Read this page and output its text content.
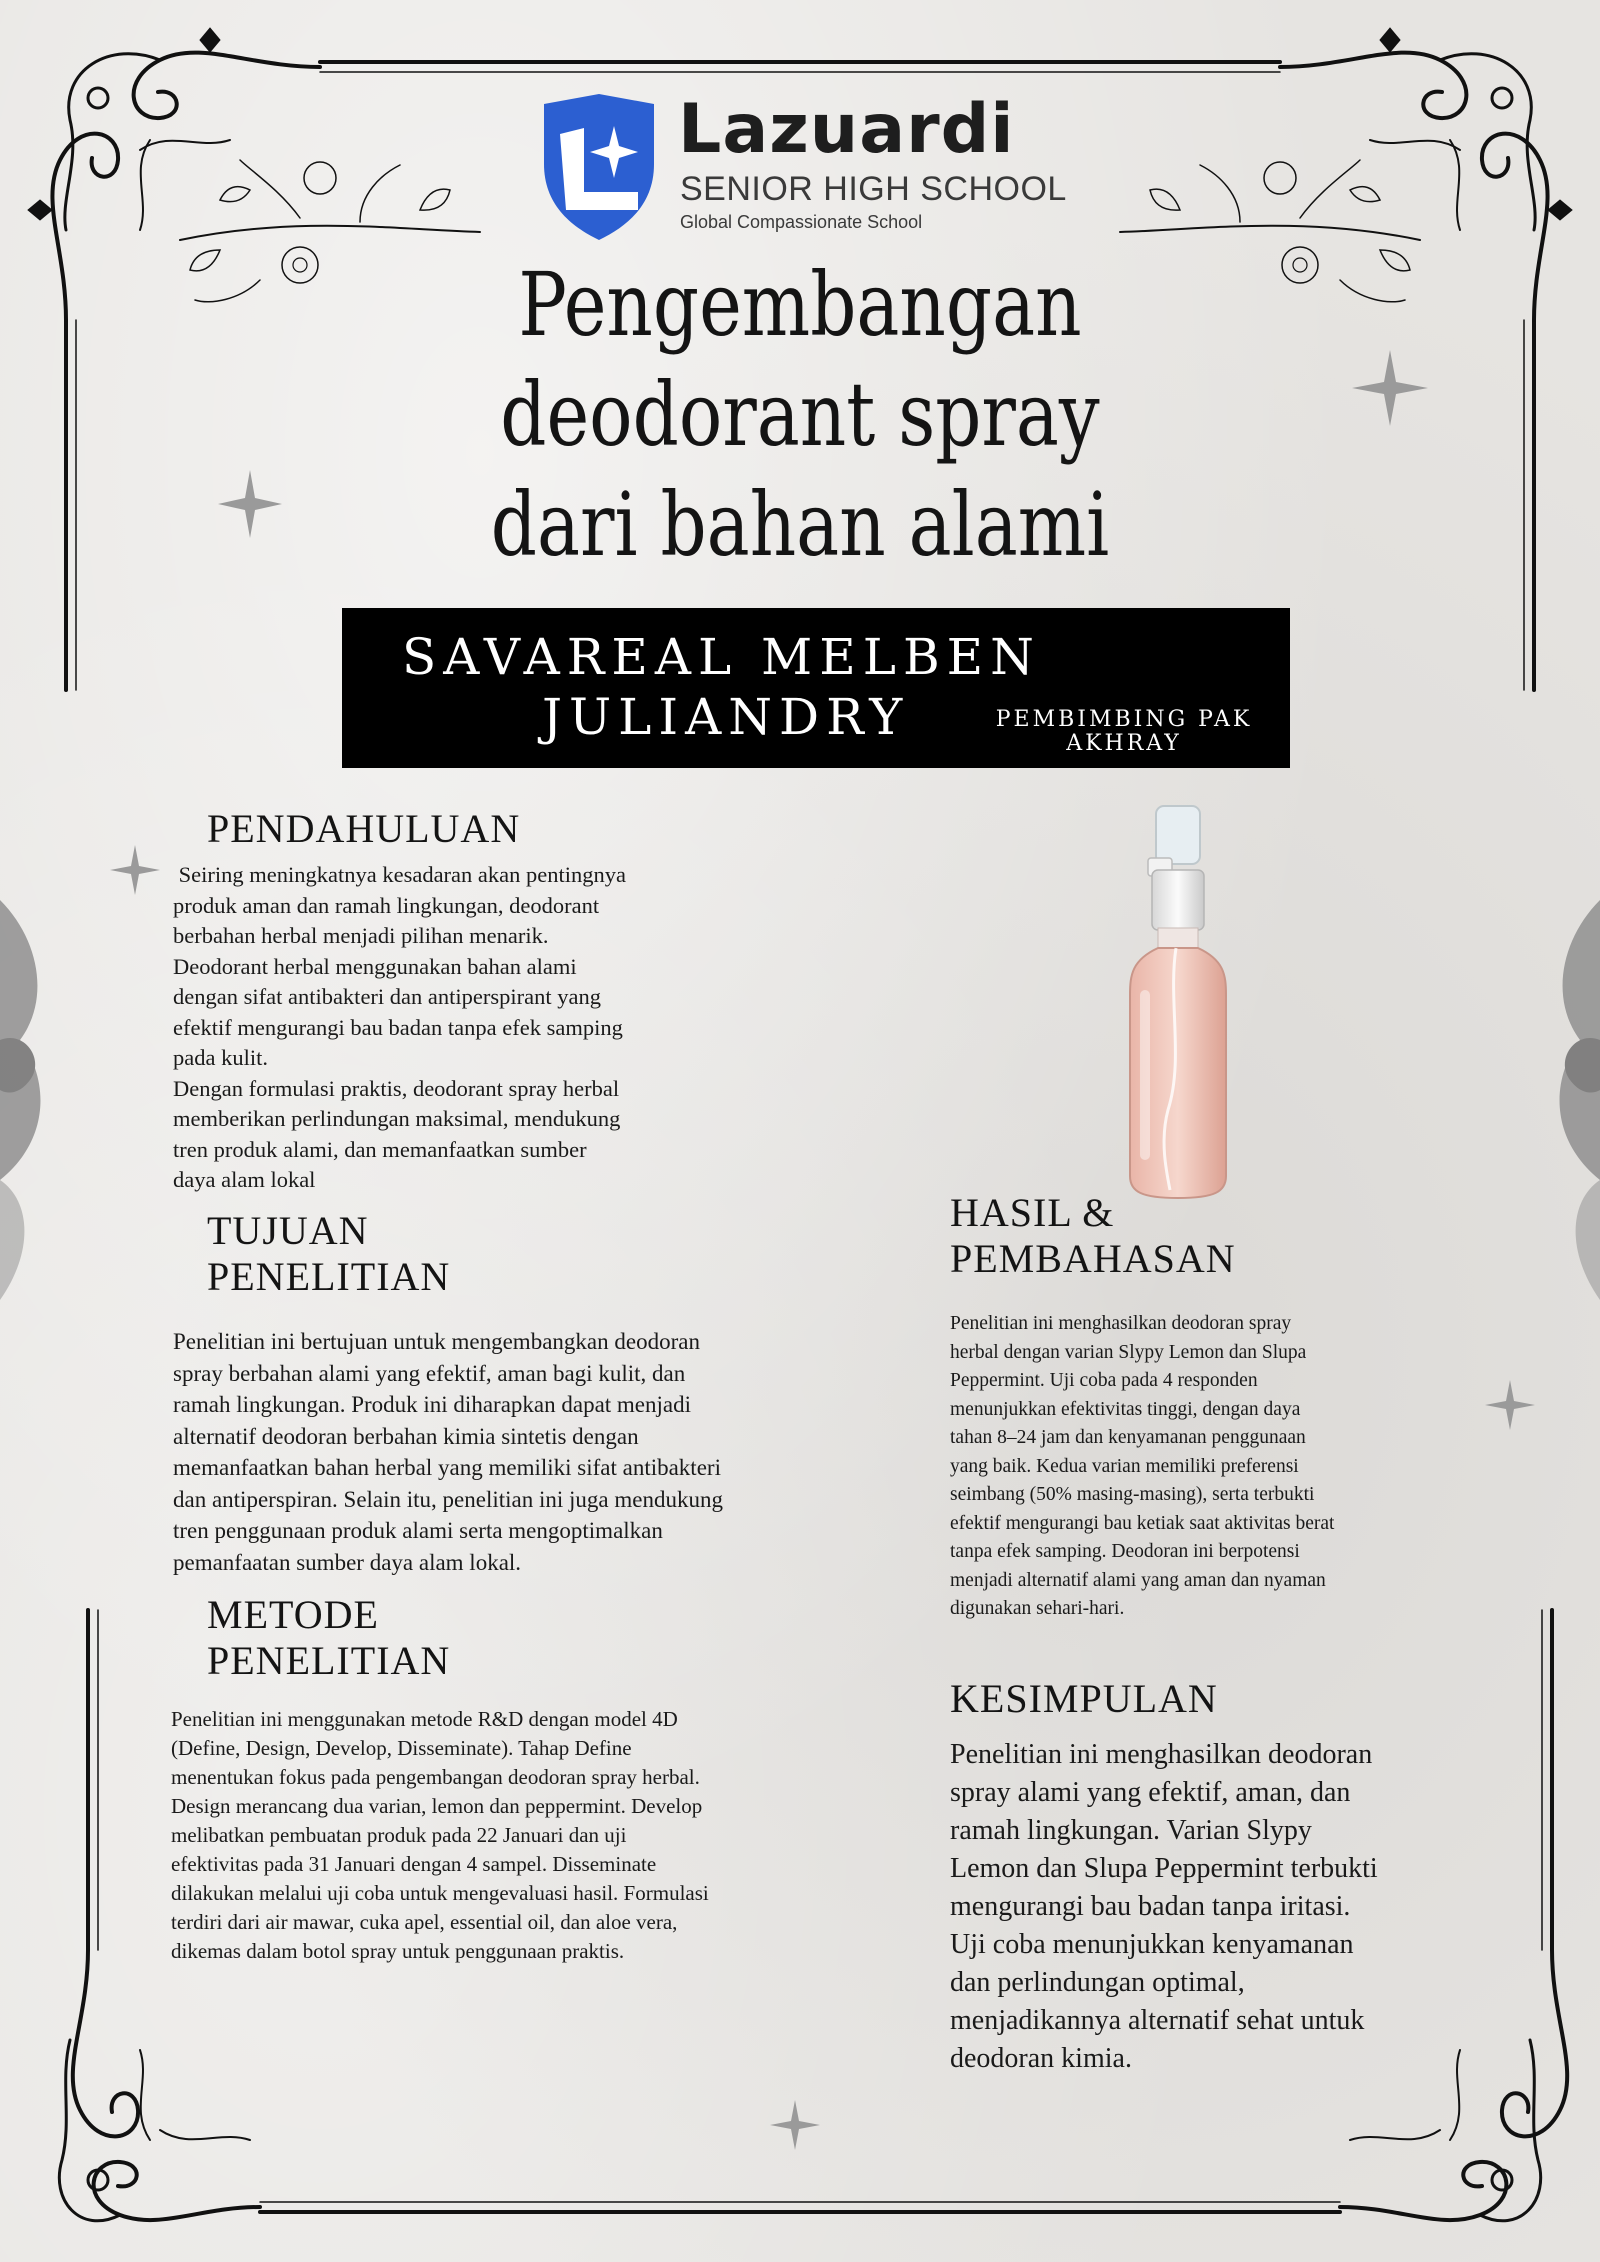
Lazuardi
SENIOR HIGH SCHOOL
Global Compassionate School
Pengembangan
deodorant spray
dari bahan alami
SAVAREAL MELBEN
JULIANDRY	PEMBIMBING PAK
AKHRAY
PENDAHULUAN

Seiring meningkatnya kesadaran akan pentingnya

produk aman dan ramah lingkungan, deodorant

berbahan herbal menjadi pilihan menarik.

Deodorant herbal menggunakan bahan alami

dengan sifat antibakteri dan antiperspirant yang

efektif mengurangi bau badan tanpa efek samping

pada kulit.

Dengan formulasi praktis, deodorant spray herbal

memberikan perlindungan maksimal, mendukung

tren produk alami, dan memanfaatkan sumber

daya alam lokal

TUJUAN
PENELITIAN

Penelitian ini bertujuan untuk mengembangkan deodoran

spray berbahan alami yang efektif, aman bagi kulit, dan

ramah lingkungan. Produk ini diharapkan dapat menjadi

alternatif deodoran berbahan kimia sintetis dengan

memanfaatkan bahan herbal yang memiliki sifat antibakteri

dan antiperspiran. Selain itu, penelitian ini juga mendukung

tren penggunaan produk alami serta mengoptimalkan

pemanfaatan sumber daya alam lokal.

METODE
PENELITIAN

Penelitian ini menggunakan metode R&D dengan model 4D

(Define, Design, Develop, Disseminate). Tahap Define

menentukan fokus pada pengembangan deodoran spray herbal.

Design merancang dua varian, lemon dan peppermint. Develop

melibatkan pembuatan produk pada 22 Januari dan uji

efektivitas pada 31 Januari dengan 4 sampel. Disseminate

dilakukan melalui uji coba untuk mengevaluasi hasil. Formulasi

terdiri dari air mawar, cuka apel, essential oil, dan aloe vera,

dikemas dalam botol spray untuk penggunaan praktis.

HASIL &
PEMBAHASAN

Penelitian ini menghasilkan deodoran spray

herbal dengan varian Slypy Lemon dan Slupa

Peppermint. Uji coba pada 4 responden

menunjukkan efektivitas tinggi, dengan daya

tahan 8–24 jam dan kenyamanan penggunaan

yang baik. Kedua varian memiliki preferensi

seimbang (50% masing-masing), serta terbukti

efektif mengurangi bau ketiak saat aktivitas berat

tanpa efek samping. Deodoran ini berpotensi

menjadi alternatif alami yang aman dan nyaman

digunakan sehari-hari.

KESIMPULAN

Penelitian ini menghasilkan deodoran

spray alami yang efektif, aman, dan

ramah lingkungan. Varian Slypy

Lemon dan Slupa Peppermint terbukti

mengurangi bau badan tanpa iritasi.

Uji coba menunjukkan kenyamanan

dan perlindungan optimal,

menjadikannya alternatif sehat untuk

deodoran kimia.
